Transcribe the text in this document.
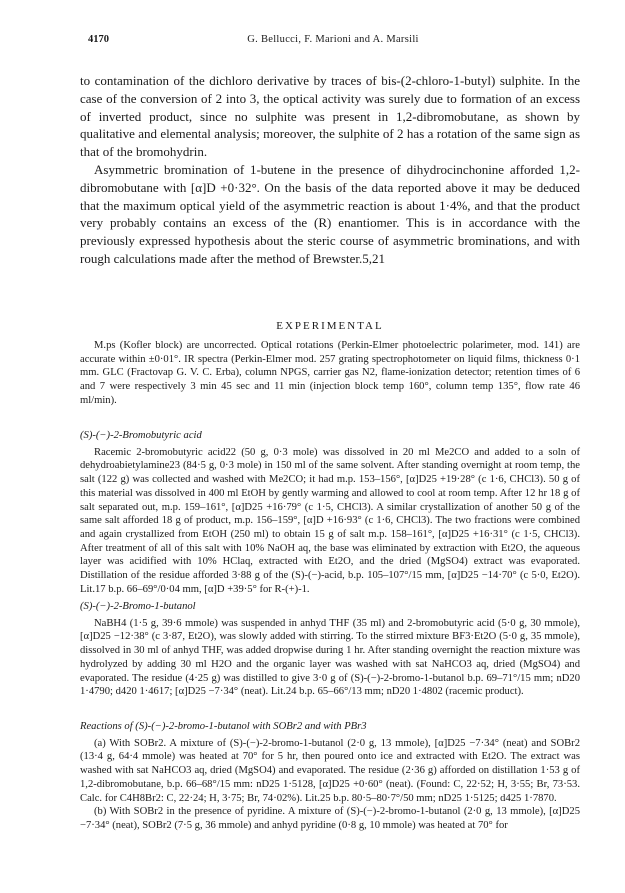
4170	G. Bellucci, F. Marioni and A. Marsili

to contamination of the dichloro derivative by traces of bis-(2-chloro-1-butyl) sulphite. In the case of the conversion of 2 into 3, the optical activity was surely due to formation of an excess of inverted product, since no sulphite was present in 1,2-dibromobutane, as shown by qualitative and elemental analysis; moreover, the sulphite of 2 has a rotation of the same sign as that of the bromohydrin.

Asymmetric bromination of 1-butene in the presence of dihydrocinchonine afforded 1,2-dibromobutane with [α]D +0·32°. On the basis of the data reported above it may be deduced that the maximum optical yield of the asymmetric reaction is about 1·4%, and that the product very probably contains an excess of the (R) enantiomer. This is in accordance with the previously expressed hypothesis about the steric course of asymmetric brominations, and with rough calculations made after the method of Brewster.5,21

EXPERIMENTAL

M.ps (Kofler block) are uncorrected. Optical rotations (Perkin-Elmer photoelectric polarimeter, mod. 141) are accurate within ±0·01°. IR spectra (Perkin-Elmer mod. 257 grating spectrophotometer on liquid films, thickness 0·1 mm. GLC (Fractovap G. V. C. Erba), column NPGS, carrier gas N2, flame-ionization detector; retention times of 6 and 7 were respectively 3 min 45 sec and 11 min (injection block temp 160°, column temp 135°, flow rate 46 ml/min).

(S)-(−)-2-Bromobutyric acid

Racemic 2-bromobutyric acid22 (50 g, 0·3 mole) was dissolved in 20 ml Me2CO and added to a soln of dehydroabietylamine23 (84·5 g, 0·3 mole) in 150 ml of the same solvent. After standing overnight at room temp, the salt (122 g) was collected and washed with Me2CO; it had m.p. 153–156°, [α]D25 +19·28° (c 1·6, CHCl3). 50 g of this material was dissolved in 400 ml EtOH by gently warming and allowed to cool at room temp. After 12 hr 18 g of salt separated out, m.p. 159–161°, [α]D25 +16·79° (c 1·5, CHCl3). A similar crystallization of another 50 g of the same salt afforded 18 g of product, m.p. 156–159°, [α]D +16·93° (c 1·6, CHCl3). The two fractions were combined and again crystallized from EtOH (250 ml) to obtain 15 g of salt m.p. 158–161°, [α]D25 +16·31° (c 1·5, CHCl3). After treatment of all of this salt with 10% NaOH aq, the base was eliminated by extraction with Et2O, the aqueous layer was acidified with 10% HClaq, extracted with Et2O, and the dried (MgSO4) extract was evaporated. Distillation of the residue afforded 3·88 g of the (S)-(−)-acid, b.p. 105–107°/15 mm, [α]D25 −14·70° (c 5·0, Et2O). Lit.17 b.p. 66–69°/0·04 mm, [α]D +39·5° for R-(+)-1.

(S)-(−)-2-Bromo-1-butanol

NaBH4 (1·5 g, 39·6 mmole) was suspended in anhyd THF (35 ml) and 2-bromobutyric acid (5·0 g, 30 mmole), [α]D25 −12·38° (c 3·87, Et2O), was slowly added with stirring. To the stirred mixture BF3·Et2O (5·0 g, 35 mmole), dissolved in 30 ml of anhyd THF, was added dropwise during 1 hr. After standing overnight the reaction mixture was hydrolyzed by adding 30 ml H2O and the organic layer was washed with sat NaHCO3 aq, dried (MgSO4) and evaporated. The residue (4·25 g) was distilled to give 3·0 g of (S)-(−)-2-bromo-1-butanol b.p. 69–71°/15 mm; nD20 1·4790; d420 1·4617; [α]D25 −7·34° (neat). Lit.24 b.p. 65–66°/13 mm; nD20 1·4802 (racemic product).

Reactions of (S)-(−)-2-bromo-1-butanol with SOBr2 and with PBr3

(a) With SOBr2. A mixture of (S)-(−)-2-bromo-1-butanol (2·0 g, 13 mmole), [α]D25 −7·34° (neat) and SOBr2 (13·4 g, 64·4 mmole) was heated at 70° for 5 hr, then poured onto ice and extracted with Et2O. The extract was washed with sat NaHCO3 aq, dried (MgSO4) and evaporated. The residue (2·36 g) afforded on distillation 1·53 g of 1,2-dibromobutane, b.p. 66–68°/15 mm: nD25 1·5128, [α]D25 +0·60° (neat). (Found: C, 22·52; H, 3·55; Br, 73·53. Calc. for C4H8Br2: C, 22·24; H, 3·75; Br, 74·02%). Lit.25 b.p. 80·5–80·7°/50 mm; nD25 1·5125; d425 1·7870.

(b) With SOBr2 in the presence of pyridine. A mixture of (S)-(−)-2-bromo-1-butanol (2·0 g, 13 mmole), [α]D25 −7·34° (neat), SOBr2 (7·5 g, 36 mmole) and anhyd pyridine (0·8 g, 10 mmole) was heated at 70° for
